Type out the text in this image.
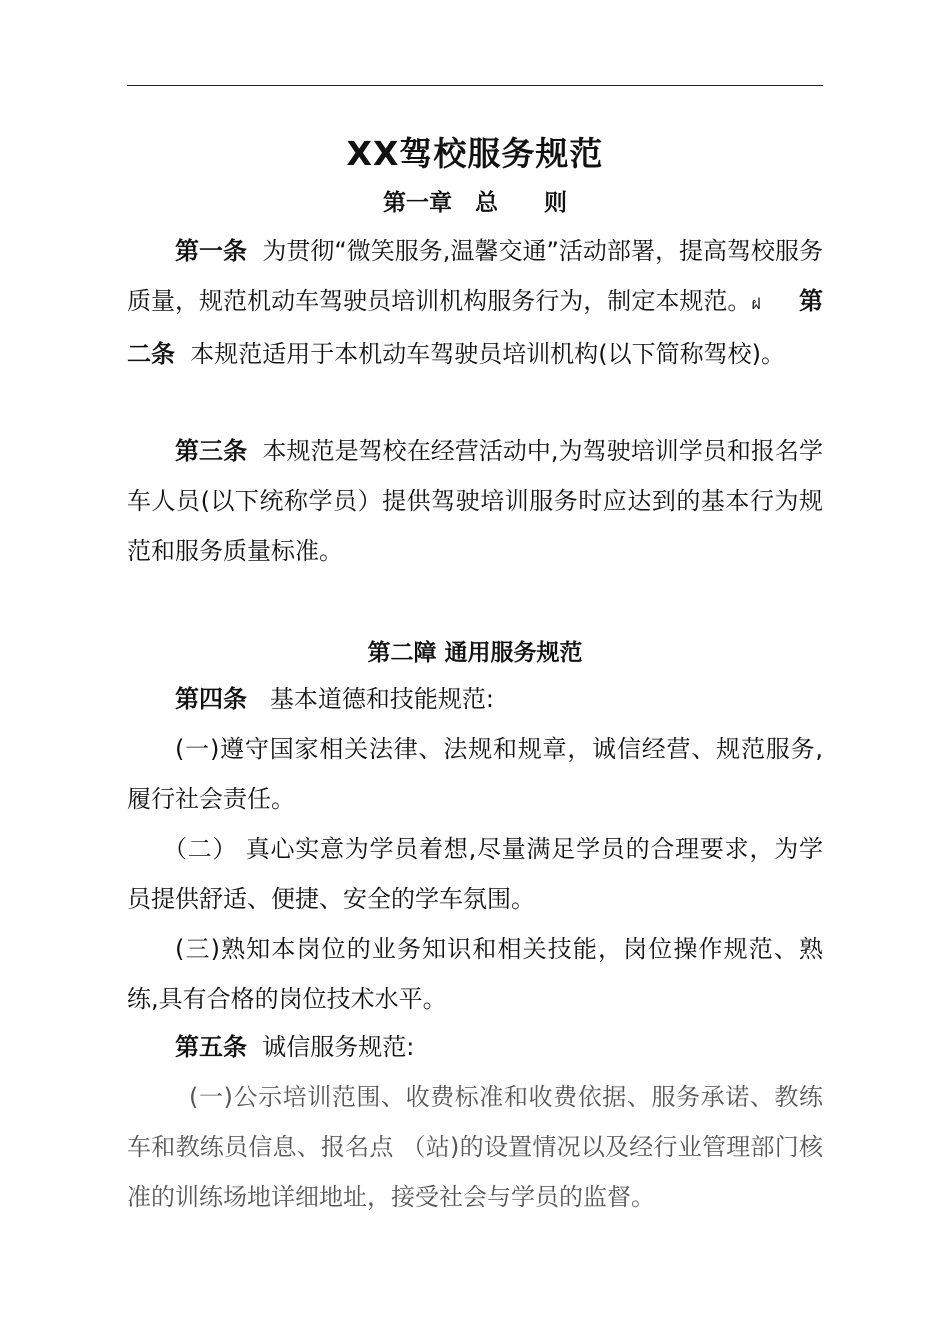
XX驾校服务规范
第一章　总　　则

第一条 为贯彻“微笑服务,温馨交通”活动部署，提高驾校服务质量，规范机动车驾驶员培训机构服务行为，制定本规范。ฝ 第二条 本规范适用于本机动车驾驶员培训机构(以下简称驾校)。

第三条 本规范是驾校在经营活动中,为驾驶培训学员和报名学车人员(以下统称学员）提供驾驶培训服务时应达到的基本行为规范和服务质量标准。

第二障 通用服务规范

第四条 基本道德和技能规范:

(一)遵守国家相关法律、法规和规章，诚信经营、规范服务,履行社会责任。

（二） 真心实意为学员着想,尽量满足学员的合理要求，为学员提供舒适、便捷、安全的学车氛围。

(三)熟知本岗位的业务知识和相关技能，岗位操作规范、熟练,具有合格的岗位技术水平。

第五条 诚信服务规范:

(一)公示培训范围、收费标准和收费依据、服务承诺、教练车和教练员信息、报名点 （站)的设置情况以及经行业管理部门核准的训练场地详细地址，接受社会与学员的监督。
